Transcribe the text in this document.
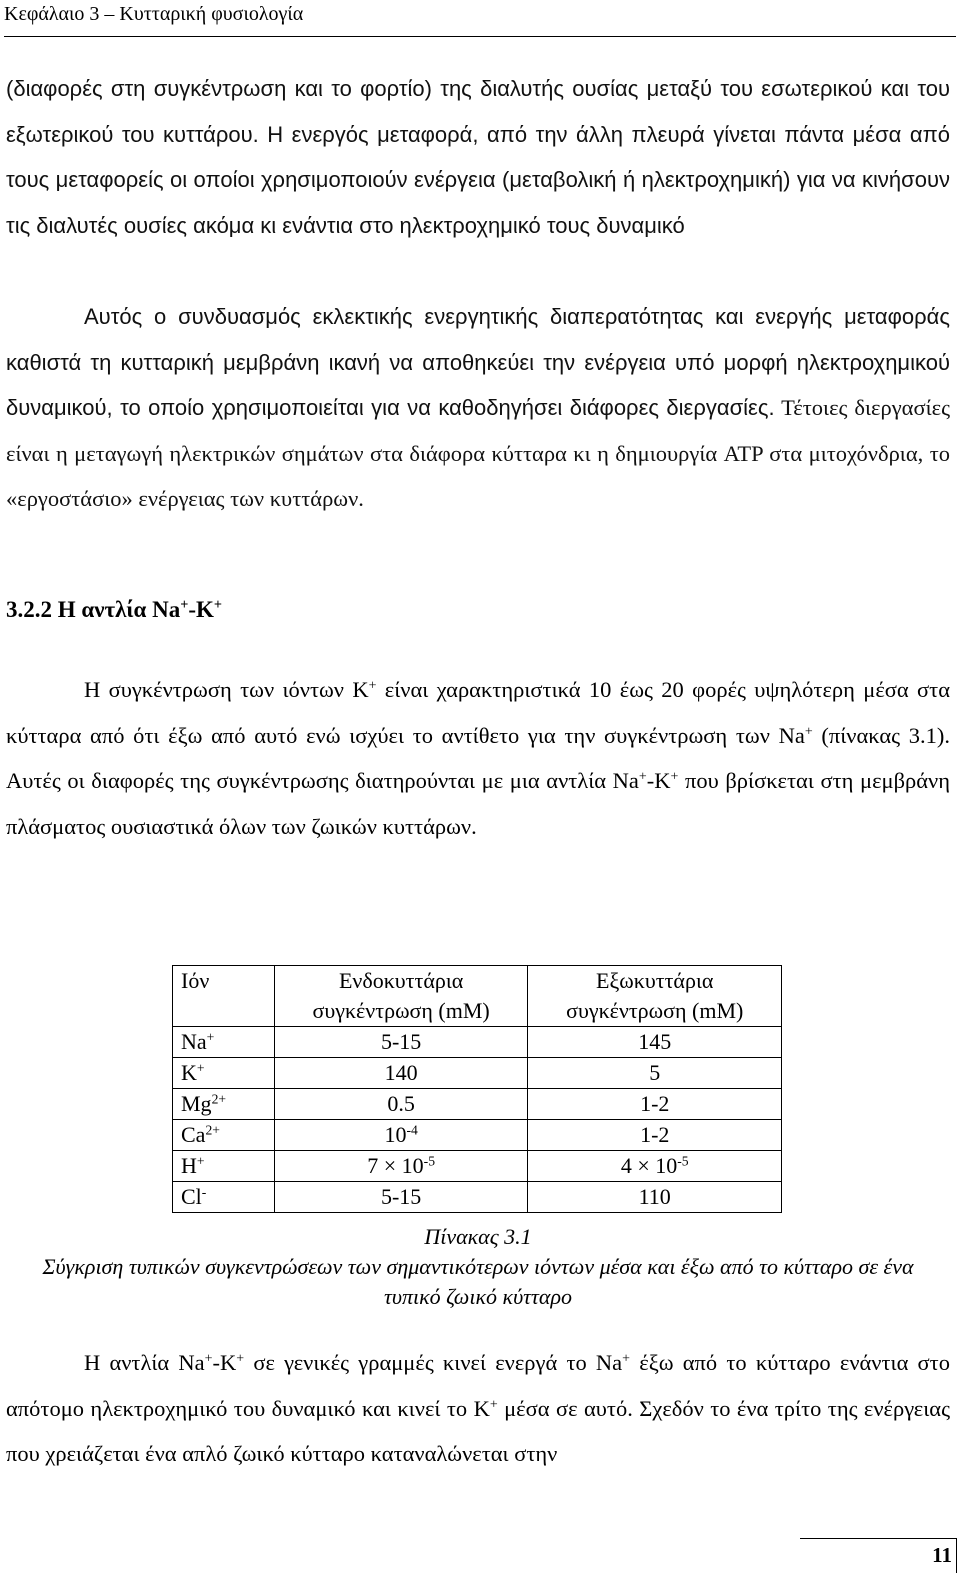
Κεφάλαιο 3 – Κυτταρική φυσιολογία

(διαφορές στη συγκέντρωση και το φορτίο) της διαλυτής ουσίας μεταξύ του εσωτερικού και του εξωτερικού του κυττάρου. Η ενεργός μεταφορά, από την άλλη πλευρά γίνεται πάντα μέσα από τους μεταφορείς οι οποίοι χρησιμοποιούν ενέργεια (μεταβολική ή ηλεκτροχημική) για να κινήσουν τις διαλυτές ουσίες ακόμα κι ενάντια στο ηλεκτροχημικό τους δυναμικό

Αυτός ο συνδυασμός εκλεκτικής ενεργητικής διαπερατότητας και ενεργής μεταφοράς καθιστά τη κυτταρική μεμβράνη ικανή να αποθηκεύει την ενέργεια υπό μορφή ηλεκτροχημικού δυναμικού, το οποίο χρησιμοποιείται για να καθοδηγήσει διάφορες διεργασίες. Τέτοιες διεργασίες είναι η μεταγωγή ηλεκτρικών σημάτων στα διάφορα κύτταρα κι η δημιουργία ATP στα μιτοχόνδρια, το «εργοστάσιο» ενέργειας των κυττάρων.

3.2.2 Η αντλία Na+-K+

Η συγκέντρωση των ιόντων K+ είναι χαρακτηριστικά 10 έως 20 φορές υψηλότερη μέσα στα κύτταρα από ότι έξω από αυτό ενώ ισχύει το αντίθετο για την συγκέντρωση των Na+ (πίνακας 3.1). Αυτές οι διαφορές της συγκέντρωσης διατηρούνται με μια αντλία Na+-K+ που βρίσκεται στη μεμβράνη πλάσματος ουσιαστικά όλων των ζωικών κυττάρων.

Ιόν	Ενδοκυττάρια συγκέντρωση (mM)	Εξωκυττάρια συγκέντρωση (mM)
Na+	5-15	145
K+	140	5
$Mg^{2+}$	0.5	1-2
$Ca^{2+}$	$10^{-4}$	1-2
H+	$7 \times 10^{-5}$	$4 \times 10^{-5}$
Cl-	5-15	110

Πίνακας 3.1

Σύγκριση τυπικών συγκεντρώσεων των σημαντικότερων ιόντων μέσα και έξω από το κύτταρο σε ένα τυπικό ζωικό κύτταρο

Η αντλία Na+-K+ σε γενικές γραμμές κινεί ενεργά το Na+ έξω από το κύτταρο ενάντια στο απότομο ηλεκτροχημικό του δυναμικό και κινεί το K+ μέσα σε αυτό. Σχεδόν το ένα τρίτο της ενέργειας που χρειάζεται ένα απλό ζωικό κύτταρο καταναλώνεται στην

11
